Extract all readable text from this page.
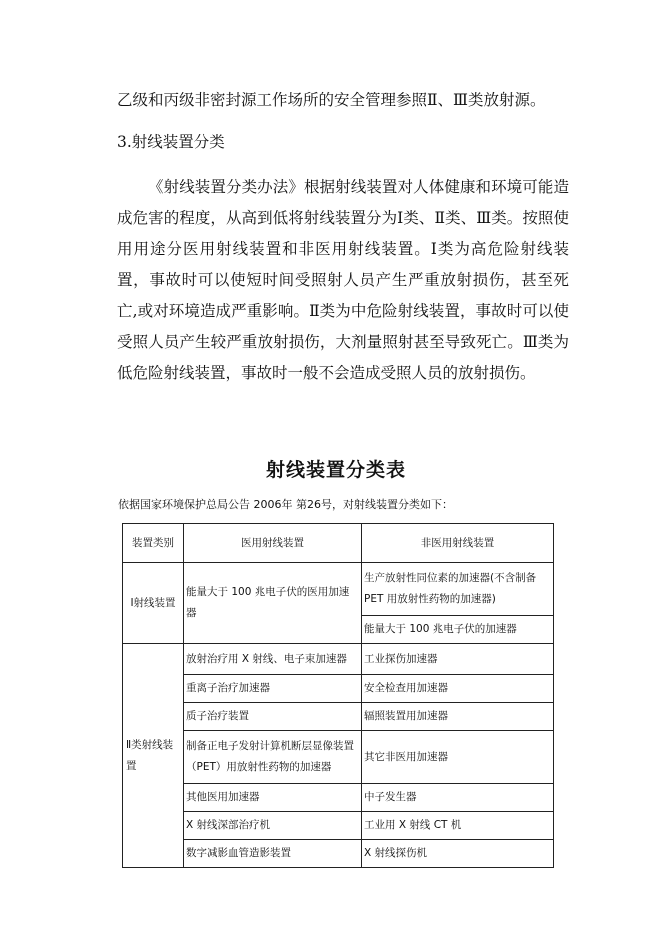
乙级和丙级非密封源工作场所的安全管理参照Ⅱ、Ⅲ类放射源。
3.射线装置分类

《射线装置分类办法》根据射线装置对人体健康和环境可能造成危害的程度，从高到低将射线装置分为Ⅰ类、Ⅱ类、Ⅲ类。按照使用用途分医用射线装置和非医用射线装置。Ⅰ类为高危险射线装置，事故时可以使短时间受照射人员产生严重放射损伤，甚至死亡,或对环境造成严重影响。Ⅱ类为中危险射线装置，事故时可以使受照人员产生较严重放射损伤，大剂量照射甚至导致死亡。Ⅲ类为低危险射线装置，事故时一般不会造成受照人员的放射损伤。

射线装置分类表
依据国家环境保护总局公告 2006年 第26号，对射线装置分类如下：
装置类别	医用射线装置	非医用射线装置
Ⅰ射线装置	能量大于 100 兆电子伏的医用加速器	生产放射性同位素的加速器(不含制备 PET 用放射性药物的加速器)
		能量大于 100 兆电子伏的加速器
Ⅱ类射线装置	放射治疗用 X 射线、电子束加速器	工业探伤加速器
	重离子治疗加速器	安全检查用加速器
	质子治疗装置	辐照装置用加速器
	制备正电子发射计算机断层显像装置（PET）用放射性药物的加速器	其它非医用加速器
	其他医用加速器	中子发生器
	X 射线深部治疗机	工业用 X 射线 CT 机
	数字减影血管造影装置	X 射线探伤机
